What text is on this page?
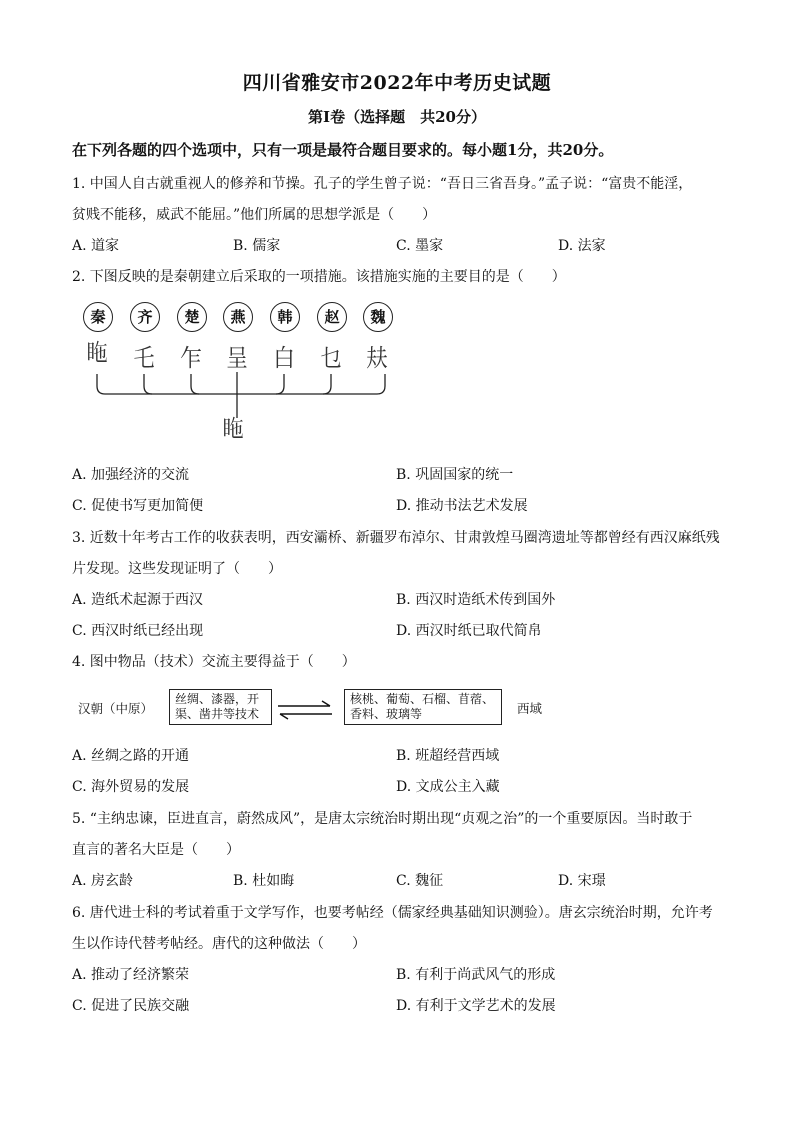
四川省雅安市2022年中考历史试题
第Ⅰ卷（选择题　共20分）
在下列各题的四个选项中，只有一项是最符合题目要求的。每小题1分，共20分。
1. 中国人自古就重视人的修养和节操。孔子的学生曾子说：“吾日三省吾身。”孟子说：“富贵不能淫，
贫贱不能移，威武不能屈。”他们所属的思想学派是（　　）
A. 道家	B. 儒家	C. 墨家	D. 法家
2. 下图反映的是秦朝建立后采取的一项措施。该措施实施的主要目的是（　　）
秦	齐	楚	燕	韩	赵	魏
𥅓 乇 乍 呈 白 乜 㚘
𥅓
A. 加强经济的交流	B. 巩固国家的统一
C. 促使书写更加简便	D. 推动书法艺术发展
3. 近数十年考古工作的收获表明，西安灞桥、新疆罗布淖尔、甘肃敦煌马圈湾遗址等都曾经有西汉麻纸残
片发现。这些发现证明了（　　）
A. 造纸术起源于西汉	B. 西汉时造纸术传到国外
C. 西汉时纸已经出现	D. 西汉时纸已取代简帛
4. 图中物品（技术）交流主要得益于（　　）
汉朝（中原）
丝绸、漆器，开
渠、凿井等技术
核桃、葡萄、石榴、苜蓿、
香料、玻璃等	西域
A. 丝绸之路的开通	B. 班超经营西域
C. 海外贸易的发展	D. 文成公主入藏
5. “主纳忠谏，臣进直言，蔚然成风”，是唐太宗统治时期出现“贞观之治”的一个重要原因。当时敢于
直言的著名大臣是（　　）
A. 房玄龄	B. 杜如晦	C. 魏征	D. 宋璟
6. 唐代进士科的考试着重于文学写作，也要考帖经（儒家经典基础知识测验）。唐玄宗统治时期，允许考
生以作诗代替考帖经。唐代的这种做法（　　）
A. 推动了经济繁荣	B. 有利于尚武风气的形成
C. 促进了民族交融	D. 有利于文学艺术的发展
